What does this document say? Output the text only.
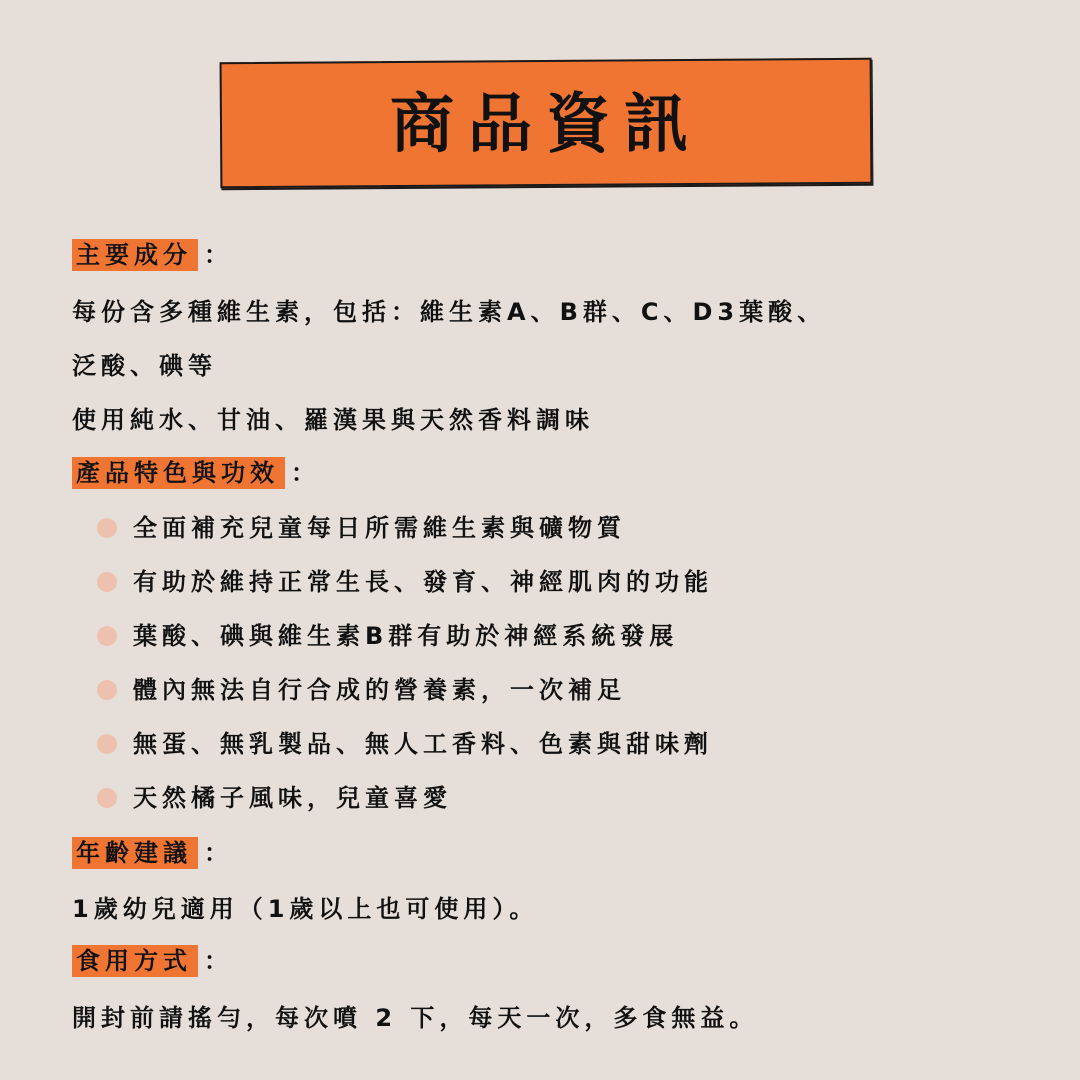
商品資訊
主要成分 ：
每份含多種維生素，包括：維生素A、B群、C、D3葉酸、
泛酸、碘等
使用純水、甘油、羅漢果與天然香料調味
產品特色與功效 ：
全面補充兒童每日所需維生素與礦物質
有助於維持正常生長、發育、神經肌肉的功能
葉酸、碘與維生素B群有助於神經系統發展
體內無法自行合成的營養素，一次補足
無蛋、無乳製品、無人工香料、色素與甜味劑
天然橘子風味，兒童喜愛
年齡建議 ：
1歲幼兒適用（1歲以上也可使用）。
食用方式 ：
開封前請搖勻，每次噴 2 下，每天一次，多食無益。
